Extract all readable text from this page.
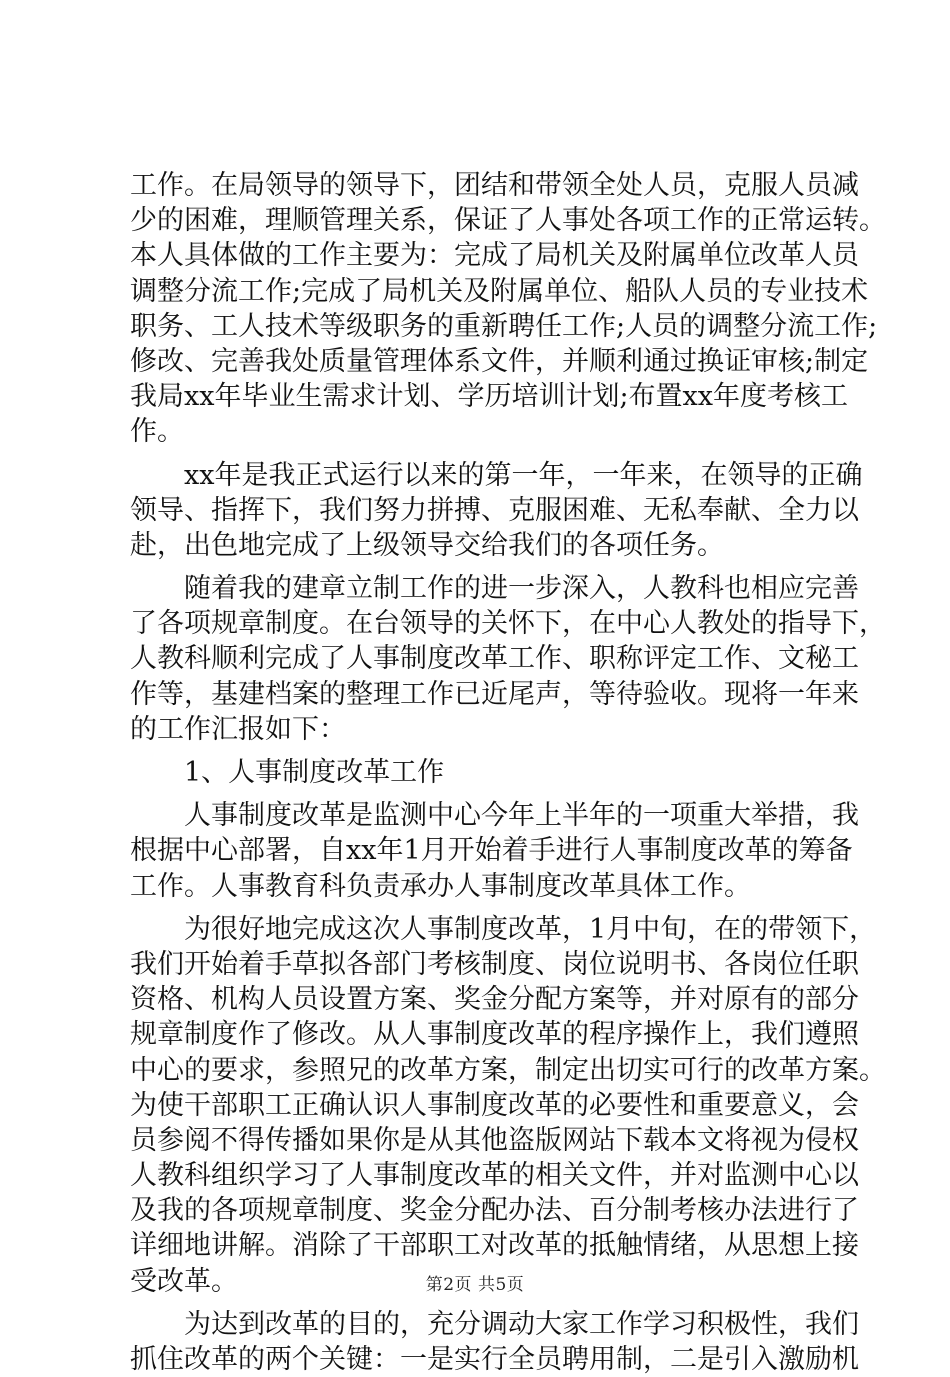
工作。在局领导的领导下，团结和带领全处人员，克服人员减
少的困难，理顺管理关系，保证了人事处各项工作的正常运转。
本人具体做的工作主要为：完成了局机关及附属单位改革人员
调整分流工作;完成了局机关及附属单位、船队人员的专业技术
职务、工人技术等级职务的重新聘任工作;人员的调整分流工作;
修改、完善我处质量管理体系文件，并顺利通过换证审核;制定
我局xx年毕业生需求计划、学历培训计划;布置xx年度考核工
作。
xx年是我正式运行以来的第一年，一年来，在领导的正确
领导、指挥下，我们努力拼搏、克服困难、无私奉献、全力以
赴，出色地完成了上级领导交给我们的各项任务。
随着我的建章立制工作的进一步深入，人教科也相应完善
了各项规章制度。在台领导的关怀下，在中心人教处的指导下，
人教科顺利完成了人事制度改革工作、职称评定工作、文秘工
作等，基建档案的整理工作已近尾声，等待验收。现将一年来
的工作汇报如下：
1、人事制度改革工作
人事制度改革是监测中心今年上半年的一项重大举措，我
根据中心部署，自xx年1月开始着手进行人事制度改革的筹备
工作。人事教育科负责承办人事制度改革具体工作。
为很好地完成这次人事制度改革，1月中旬，在的带领下，
我们开始着手草拟各部门考核制度、岗位说明书、各岗位任职
资格、机构人员设置方案、奖金分配方案等，并对原有的部分
规章制度作了修改。从人事制度改革的程序操作上，我们遵照
中心的要求，参照兄的改革方案，制定出切实可行的改革方案。
为使干部职工正确认识人事制度改革的必要性和重要意义，会
员参阅不得传播如果你是从其他盗版网站下载本文将视为侵权
人教科组织学习了人事制度改革的相关文件，并对监测中心以
及我的各项规章制度、奖金分配办法、百分制考核办法进行了
详细地讲解。消除了干部职工对改革的抵触情绪，从思想上接
受改革。
为达到改革的目的，充分调动大家工作学习积极性，我们
抓住改革的两个关键：一是实行全员聘用制，二是引入激励机
第2页 共5页
